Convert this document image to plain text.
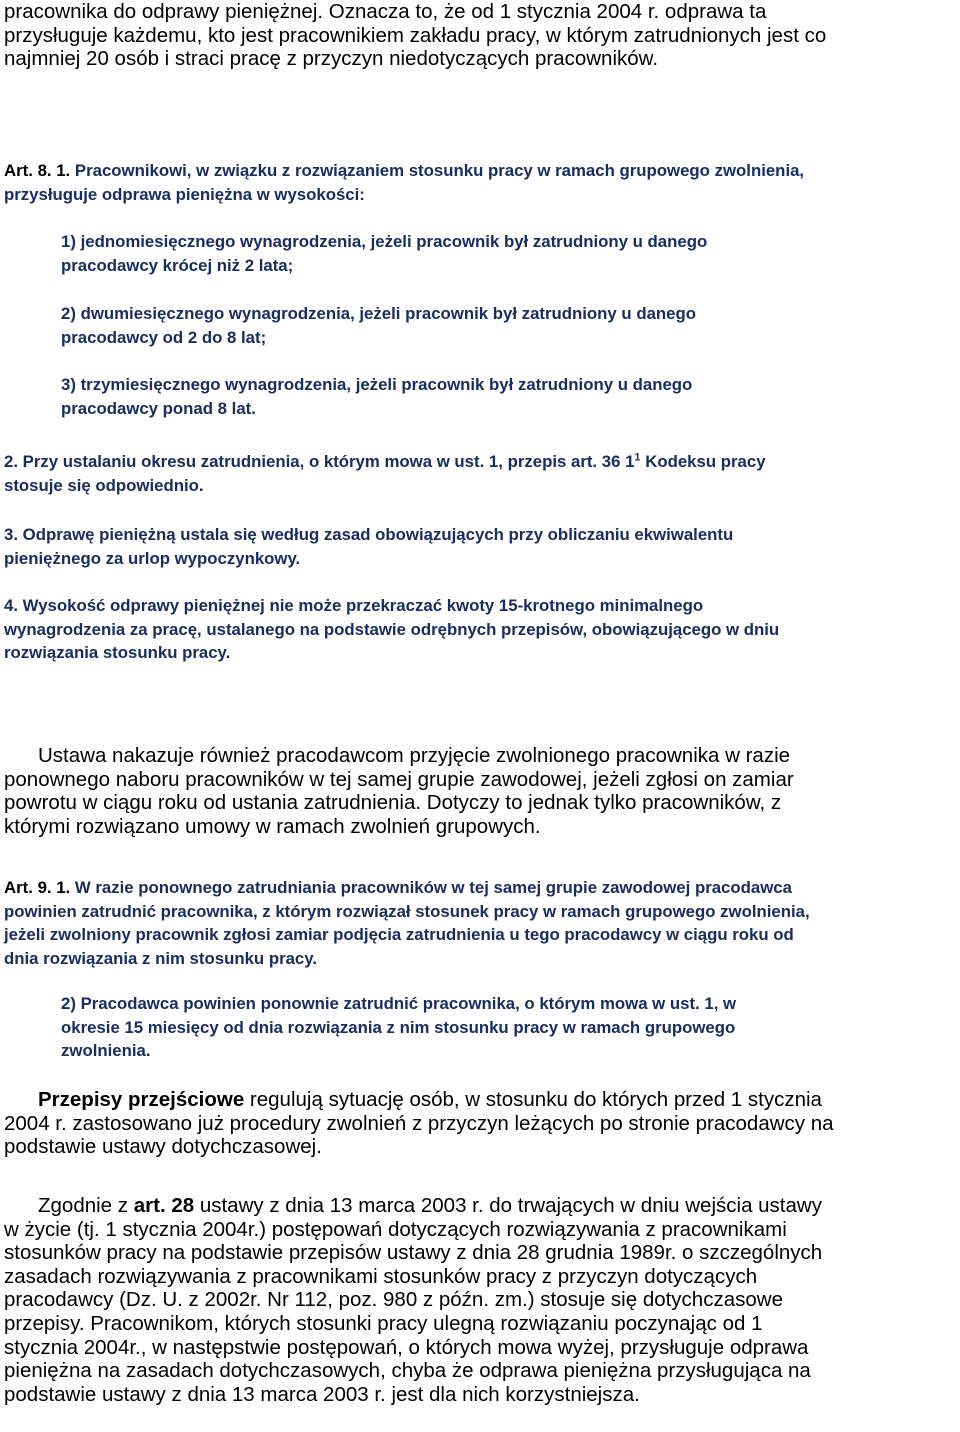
pracownika do odprawy pieniężnej. Oznacza to, że od 1 stycznia 2004 r. odprawa ta
przysługuje każdemu, kto jest pracownikiem zakładu pracy, w którym zatrudnionych jest co
najmniej 20 osób i straci pracę z przyczyn niedotyczących pracowników.
Art. 8. 1. Pracownikowi, w związku z rozwiązaniem stosunku pracy w ramach grupowego zwolnienia,
przysługuje odprawa pieniężna w wysokości:
1) jednomiesięcznego wynagrodzenia, jeżeli pracownik był zatrudniony u danego
pracodawcy krócej niż 2 lata;
2) dwumiesięcznego wynagrodzenia, jeżeli pracownik był zatrudniony u danego
pracodawcy od 2 do 8 lat;
3) trzymiesięcznego wynagrodzenia, jeżeli pracownik był zatrudniony u danego
pracodawcy ponad 8 lat.
2. Przy ustalaniu okresu zatrudnienia, o którym mowa w ust. 1, przepis art. 36 $1^1$ Kodeksu pracy
stosuje się odpowiednio.
3. Odprawę pieniężną ustala się według zasad obowiązujących przy obliczaniu ekwiwalentu
pieniężnego za urlop wypoczynkowy.
4. Wysokość odprawy pieniężnej nie może przekraczać kwoty 15-krotnego minimalnego
wynagrodzenia za pracę, ustalanego na podstawie odrębnych przepisów, obowiązującego w dniu
rozwiązania stosunku pracy.
Ustawa nakazuje również pracodawcom przyjęcie zwolnionego pracownika w razie
ponownego naboru pracowników w tej samej grupie zawodowej, jeżeli zgłosi on zamiar
powrotu w ciągu roku od ustania zatrudnienia. Dotyczy to jednak tylko pracowników, z
którymi rozwiązano umowy w ramach zwolnień grupowych.
Art. 9. 1. W razie ponownego zatrudniania pracowników w tej samej grupie zawodowej pracodawca
powinien zatrudnić pracownika, z którym rozwiązał stosunek pracy w ramach grupowego zwolnienia,
jeżeli zwolniony pracownik zgłosi zamiar podjęcia zatrudnienia u tego pracodawcy w ciągu roku od
dnia rozwiązania z nim stosunku pracy.
2) Pracodawca powinien ponownie zatrudnić pracownika, o którym mowa w ust. 1, w
okresie 15 miesięcy od dnia rozwiązania z nim stosunku pracy w ramach grupowego
zwolnienia.
Przepisy przejściowe regulują sytuację osób, w stosunku do których przed 1 stycznia
2004 r. zastosowano już procedury zwolnień z przyczyn leżących po stronie pracodawcy na
podstawie ustawy dotychczasowej.
Zgodnie z art. 28 ustawy z dnia 13 marca 2003 r. do trwających w dniu wejścia ustawy
w życie (tj. 1 stycznia 2004r.) postępowań dotyczących rozwiązywania z pracownikami
stosunków pracy na podstawie przepisów ustawy z dnia 28 grudnia 1989r. o szczególnych
zasadach rozwiązywania z pracownikami stosunków pracy z przyczyn dotyczących
pracodawcy (Dz. U. z 2002r. Nr 112, poz. 980 z późn. zm.) stosuje się dotychczasowe
przepisy. Pracownikom, których stosunki pracy ulegną rozwiązaniu poczynając od 1
stycznia 2004r., w następstwie postępowań, o których mowa wyżej, przysługuje odprawa
pieniężna na zasadach dotychczasowych, chyba że odprawa pieniężna przysługująca na
podstawie ustawy z dnia 13 marca 2003 r. jest dla nich korzystniejsza.
